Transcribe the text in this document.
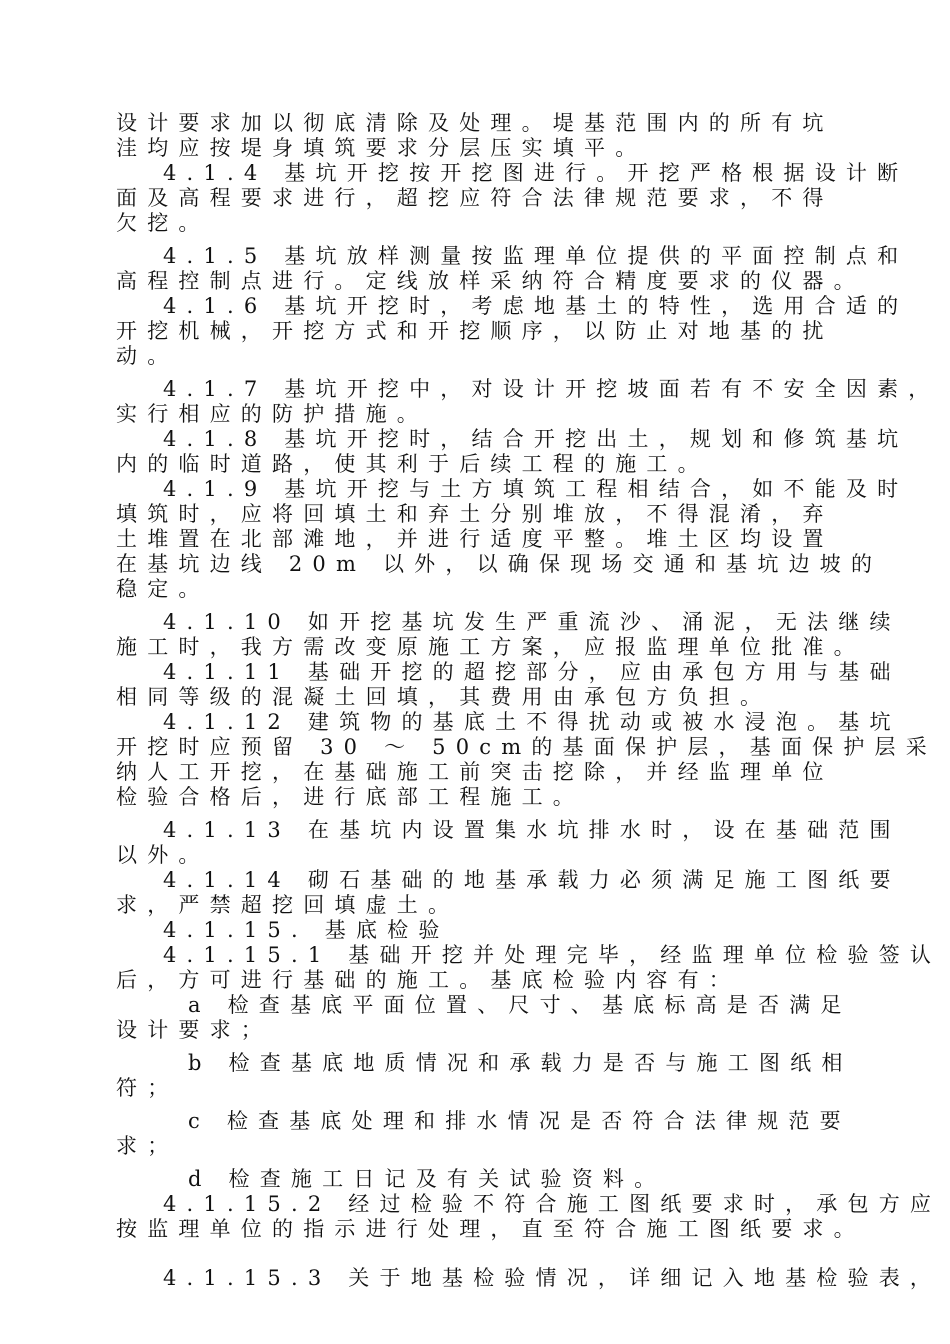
设计要求加以彻底清除及处理。堤基范围内的所有坑
洼均应按堤身填筑要求分层压实填平。
4.1.4 基坑开挖按开挖图进行。开挖严格根据设计断
面及高程要求进行，超挖应符合法律规范要求，不得
欠挖。
4.1.5 基坑放样测量按监理单位提供的平面控制点和
高程控制点进行。定线放样采纳符合精度要求的仪器。
4.1.6 基坑开挖时，考虑地基土的特性，选用合适的
开挖机械，开挖方式和开挖顺序，以防止对地基的扰
动。
4.1.7 基坑开挖中，对设计开挖坡面若有不安全因素，
实行相应的防护措施。
4.1.8 基坑开挖时，结合开挖出土，规划和修筑基坑
内的临时道路，使其利于后续工程的施工。
4.1.9 基坑开挖与土方填筑工程相结合，如不能及时
填筑时，应将回填土和弃土分别堆放，不得混淆，弃
土堆置在北部滩地，并进行适度平整。堆土区均设置
在基坑边线 20m 以外，以确保现场交通和基坑边坡的
稳定。
4.1.10 如开挖基坑发生严重流沙、涌泥，无法继续
施工时，我方需改变原施工方案，应报监理单位批准。
4.1.11 基础开挖的超挖部分，应由承包方用与基础
相同等级的混凝土回填，其费用由承包方负担。
4.1.12 建筑物的基底土不得扰动或被水浸泡。基坑
开挖时应预留 30 ～ 50cm的基面保护层，基面保护层采
纳人工开挖，在基础施工前突击挖除，并经监理单位
检验合格后，进行底部工程施工。
4.1.13 在基坑内设置集水坑排水时，设在基础范围
以外。
4.1.14 砌石基础的地基承载力必须满足施工图纸要
求，严禁超挖回填虚土。
4.1.15. 基底检验
4.1.15.1 基础开挖并处理完毕，经监理单位检验签认
后，方可进行基础的施工。基底检验内容有：
a 检查基底平面位置、尺寸、基底标高是否满足
设计要求；
b 检查基底地质情况和承载力是否与施工图纸相
符；
c 检查基底处理和排水情况是否符合法律规范要
求；
d 检查施工日记及有关试验资料。
4.1.15.2 经过检验不符合施工图纸要求时，承包方应
按监理单位的指示进行处理，直至符合施工图纸要求。
4.1.15.3 关于地基检验情况，详细记入地基检验表，
